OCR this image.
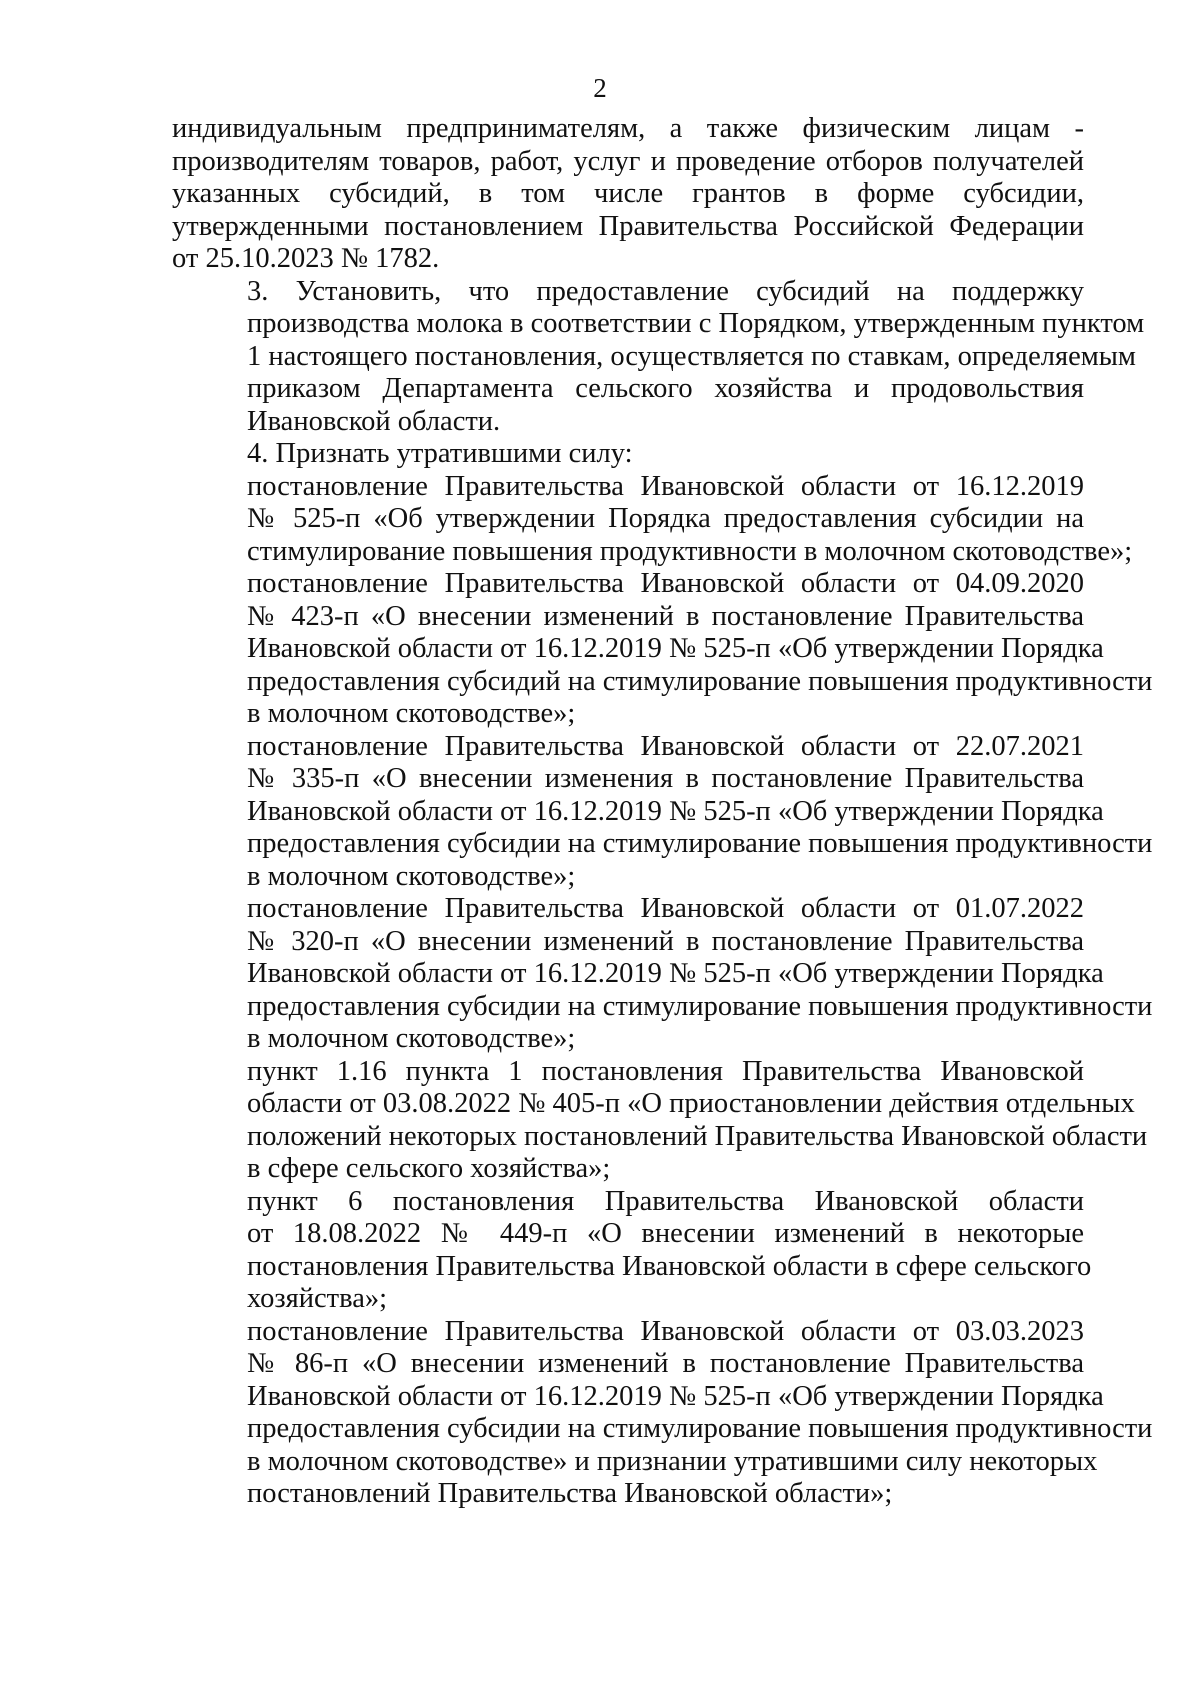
2
индивидуальным предпринимателям, а также физическим лицам -
производителям товаров, работ, услуг и проведение отборов получателей
указанных субсидий, в том числе грантов в форме субсидии,
утвержденными постановлением Правительства Российской Федерации
от 25.10.2023 № 1782.
3. Установить, что предоставление субсидий на поддержку
производства молока в соответствии с Порядком, утвержденным пунктом
1 настоящего постановления, осуществляется по ставкам, определяемым
приказом Департамента сельского хозяйства и продовольствия
Ивановской области.
4. Признать утратившими силу:
постановление Правительства Ивановской области от 16.12.2019
№ 525-п «Об утверждении Порядка предоставления субсидии на
стимулирование повышения продуктивности в молочном скотоводстве»;
постановление Правительства Ивановской области от 04.09.2020
№ 423-п «О внесении изменений в постановление Правительства
Ивановской области от 16.12.2019 № 525-п «Об утверждении Порядка
предоставления субсидий на стимулирование повышения продуктивности
в молочном скотоводстве»;
постановление Правительства Ивановской области от 22.07.2021
№ 335-п «О внесении изменения в постановление Правительства
Ивановской области от 16.12.2019 № 525-п «Об утверждении Порядка
предоставления субсидии на стимулирование повышения продуктивности
в молочном скотоводстве»;
постановление Правительства Ивановской области от 01.07.2022
№ 320-п «О внесении изменений в постановление Правительства
Ивановской области от 16.12.2019 № 525-п «Об утверждении Порядка
предоставления субсидии на стимулирование повышения продуктивности
в молочном скотоводстве»;
пункт 1.16 пункта 1 постановления Правительства Ивановской
области от 03.08.2022 № 405-п «О приостановлении действия отдельных
положений некоторых постановлений Правительства Ивановской области
в сфере сельского хозяйства»;
пункт 6 постановления Правительства Ивановской области
от 18.08.2022 № 449-п «О внесении изменений в некоторые
постановления Правительства Ивановской области в сфере сельского
хозяйства»;
постановление Правительства Ивановской области от 03.03.2023
№ 86-п «О внесении изменений в постановление Правительства
Ивановской области от 16.12.2019 № 525-п «Об утверждении Порядка
предоставления субсидии на стимулирование повышения продуктивности
в молочном скотоводстве» и признании утратившими силу некоторых
постановлений Правительства Ивановской области»;
